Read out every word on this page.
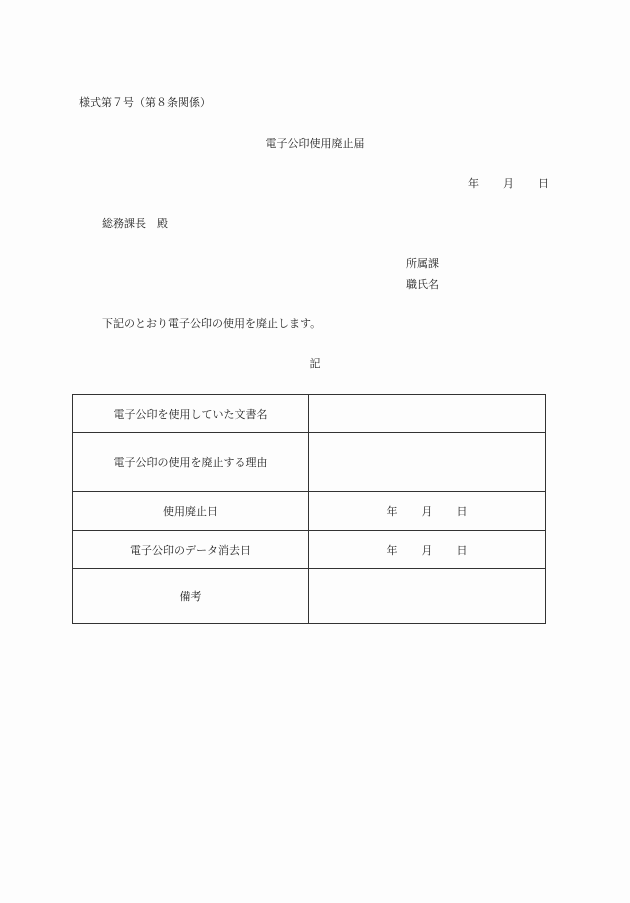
様式第７号（第８条関係）
電子公印使用廃止届
年 月 日
総務課長 殿
所属課
職氏名
下記のとおり電子公印の使用を廃止します。
記
電子公印を使用していた文書名	
電子公印の使用を廃止する理由	
使用廃止日	年 月 日
電子公印のデータ消去日	年 月 日
備考	
